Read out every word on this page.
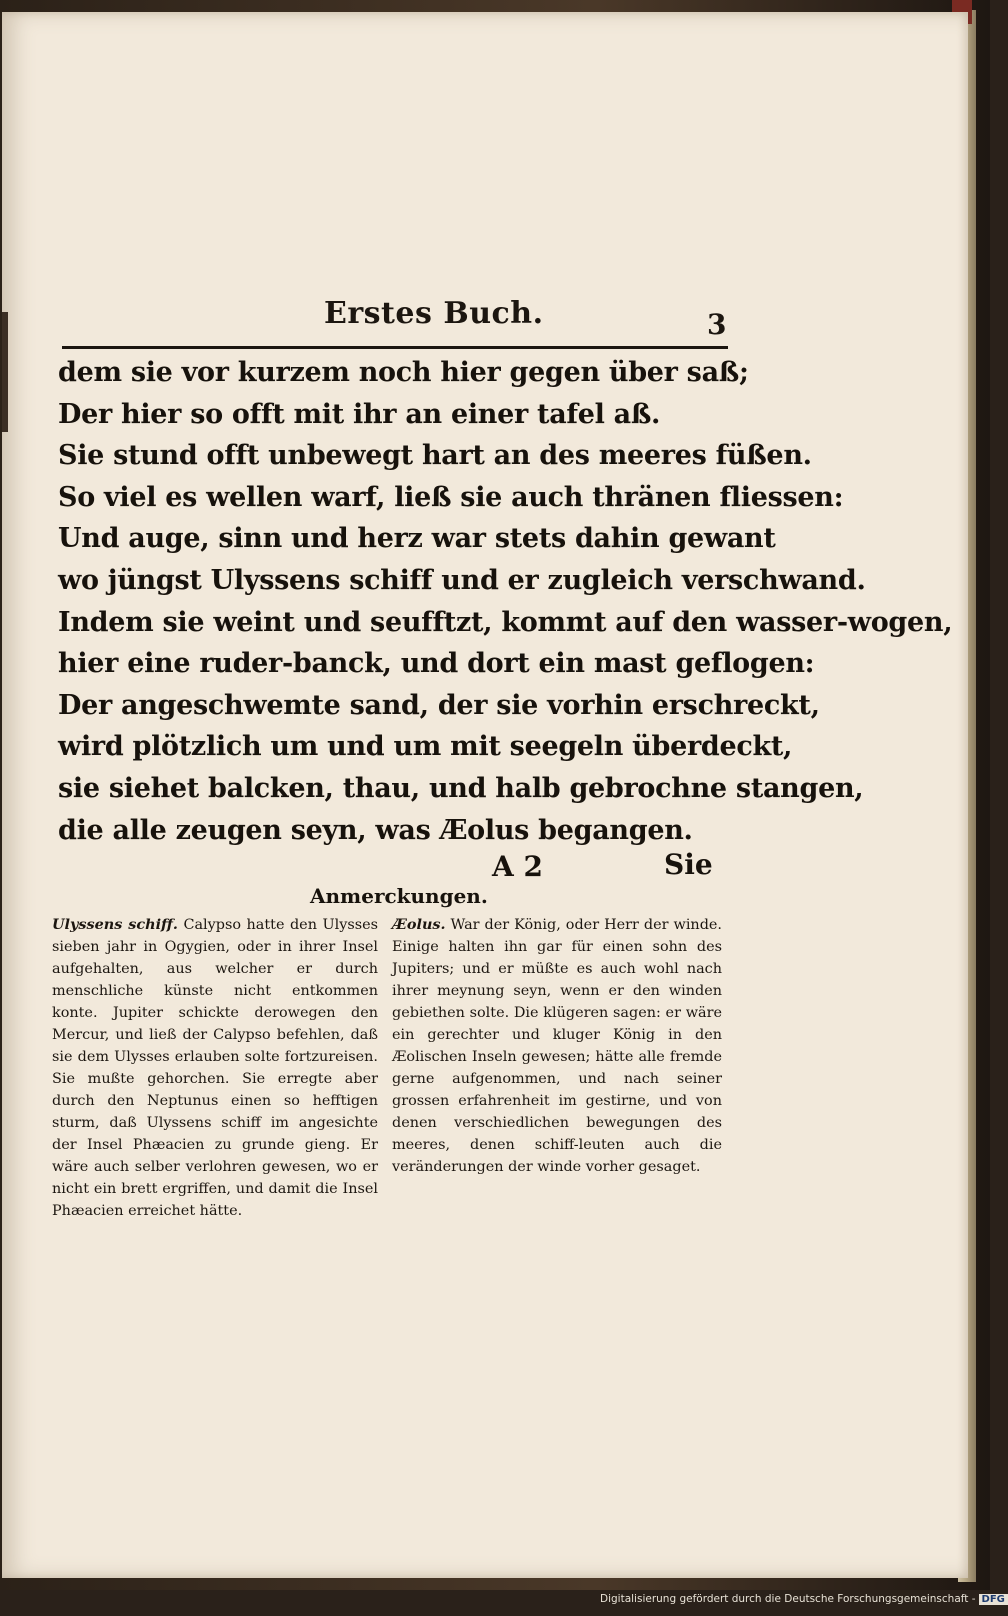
Erstes Buch.	3
dem sie vor kurzem noch hier gegen über saß;
Der hier so offt mit ihr an einer tafel aß.
Sie stund offt unbewegt hart an des meeres füßen.
So viel es wellen warf, ließ sie auch thränen fliessen:
Und auge, sinn und herz war stets dahin gewant
wo jüngst Ulyssens schiff und er zugleich verschwand.
Indem sie weint und seufftzt, kommt auf den wasser-wogen,
hier eine ruder-banck, und dort ein mast geflogen:
Der angeschwemte sand, der sie vorhin erschreckt,
wird plötzlich um und um mit seegeln überdeckt,
sie siehet balcken, thau, und halb gebrochne stangen,
die alle zeugen seyn, was Æolus begangen.
A 2	Sie
Anmerckungen.

Ulyssens schiff. Calypso hatte den Ulysses sieben jahr in Ogygien, oder in ihrer Insel aufgehalten, aus welcher er durch menschliche künste nicht entkommen konte. Jupiter schickte derowegen den Mercur, und ließ der Calypso befehlen, daß sie dem Ulysses erlauben solte fortzureisen. Sie mußte gehorchen. Sie erregte aber durch den Neptunus einen so hefftigen sturm, daß Ulyssens schiff im angesichte der Insel Phæacien zu grunde gieng. Er wäre auch selber verlohren gewesen, wo er nicht ein brett ergriffen, und damit die Insel Phæacien erreichet hätte.

Æolus. War der König, oder Herr der winde. Einige halten ihn gar für einen sohn des Jupiters; und er müßte es auch wohl nach ihrer meynung seyn, wenn er den winden gebiethen solte. Die klügeren sagen: er wäre ein gerechter und kluger König in den Æolischen Inseln gewesen; hätte alle fremde gerne aufgenommen, und nach seiner grossen erfahrenheit im gestirne, und von denen verschiedlichen bewegungen des meeres, denen schiff-leuten auch die veränderungen der winde vorher gesaget.

Digitalisierung gefördert durch die Deutsche Forschungsgemeinschaft - DFG
